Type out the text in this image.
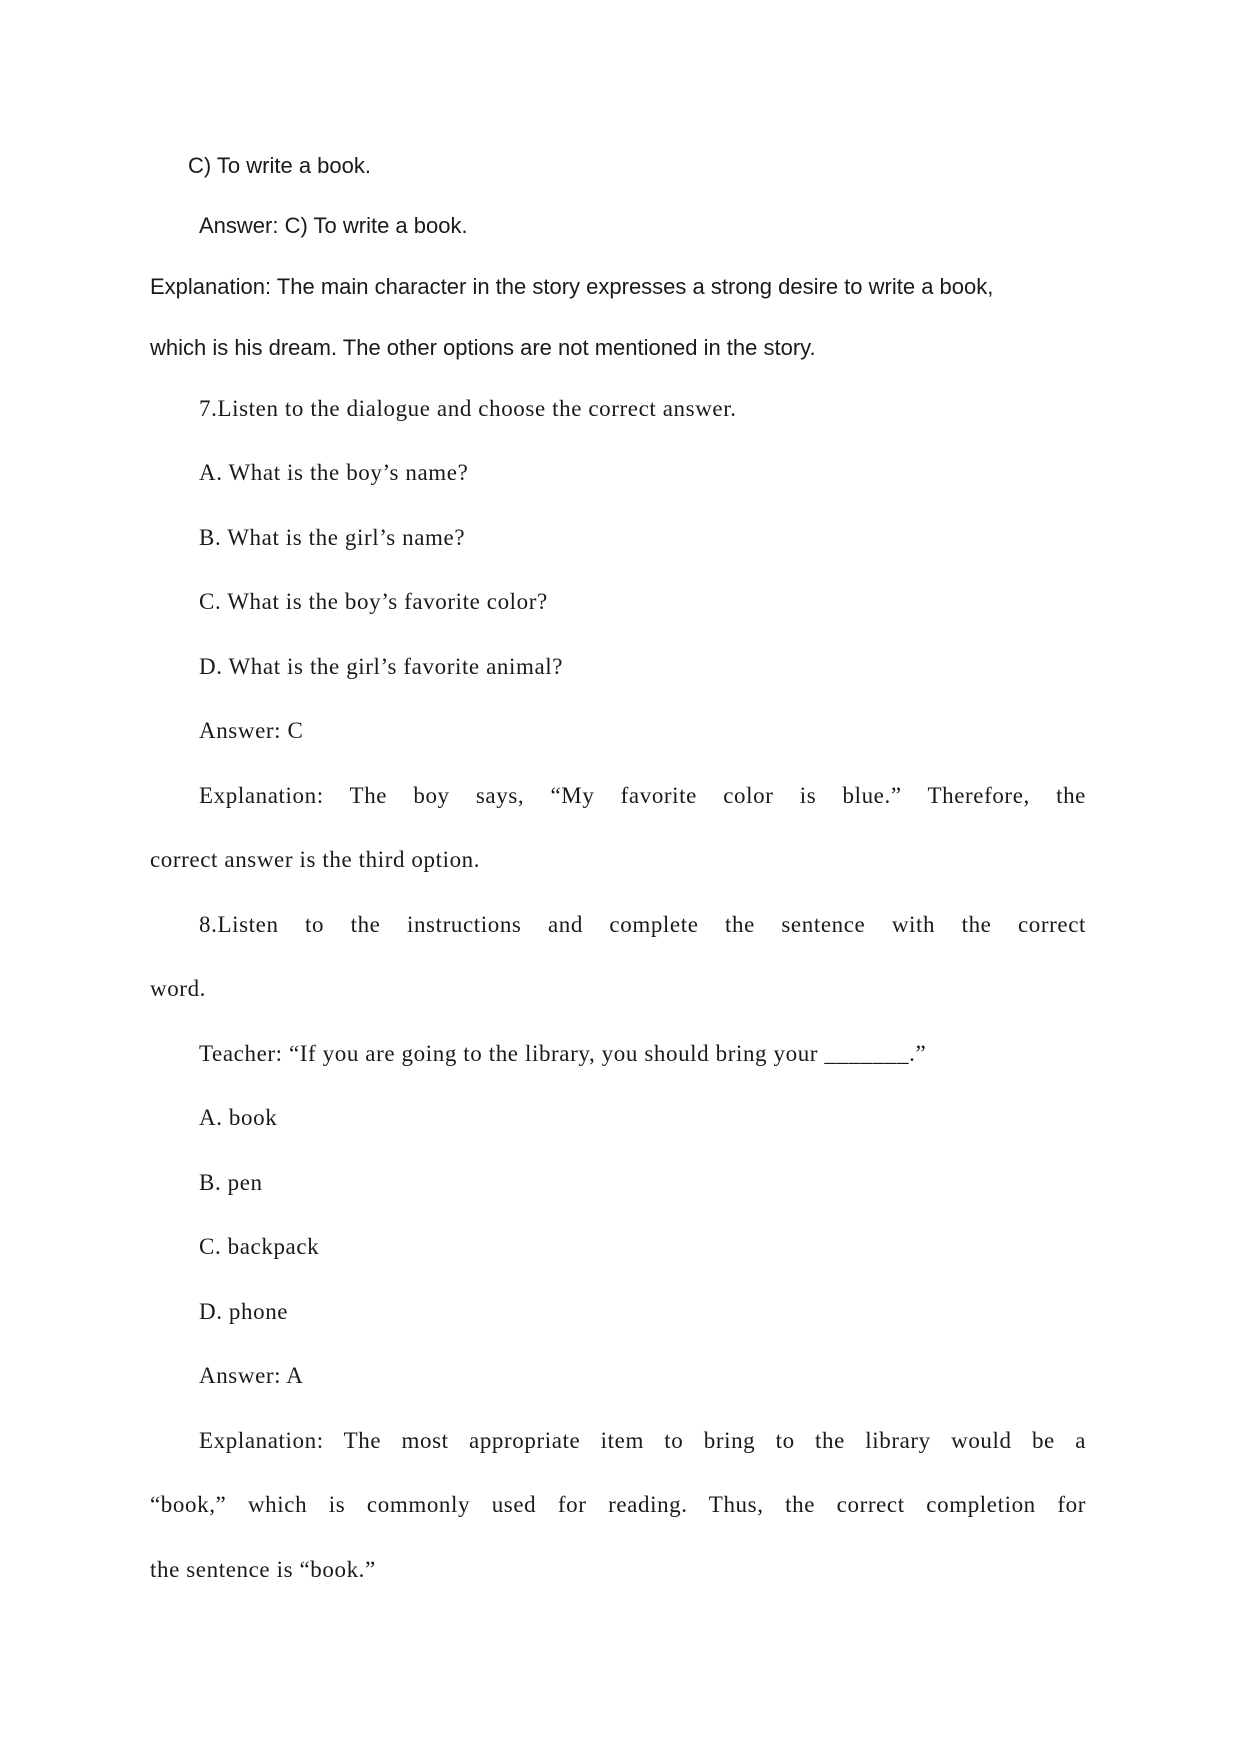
C) To write a book.

Answer: C) To write a book.

Explanation: The main character in the story expresses a strong desire to write a book,

which is his dream. The other options are not mentioned in the story.

7.Listen to the dialogue and choose the correct answer.

A. What is the boy’s name?

B. What is the girl’s name?

C. What is the boy’s favorite color?

D. What is the girl’s favorite animal?

Answer: C

Explanation: The boy says, “My favorite color is blue.” Therefore, the

correct answer is the third option.

8.Listen to the instructions and complete the sentence with the correct

word.

Teacher: “If you are going to the library, you should bring your _______.”

A. book

B. pen

C. backpack

D. phone

Answer: A

Explanation: The most appropriate item to bring to the library would be a

“book,” which is commonly used for reading. Thus, the correct completion for

the sentence is “book.”
